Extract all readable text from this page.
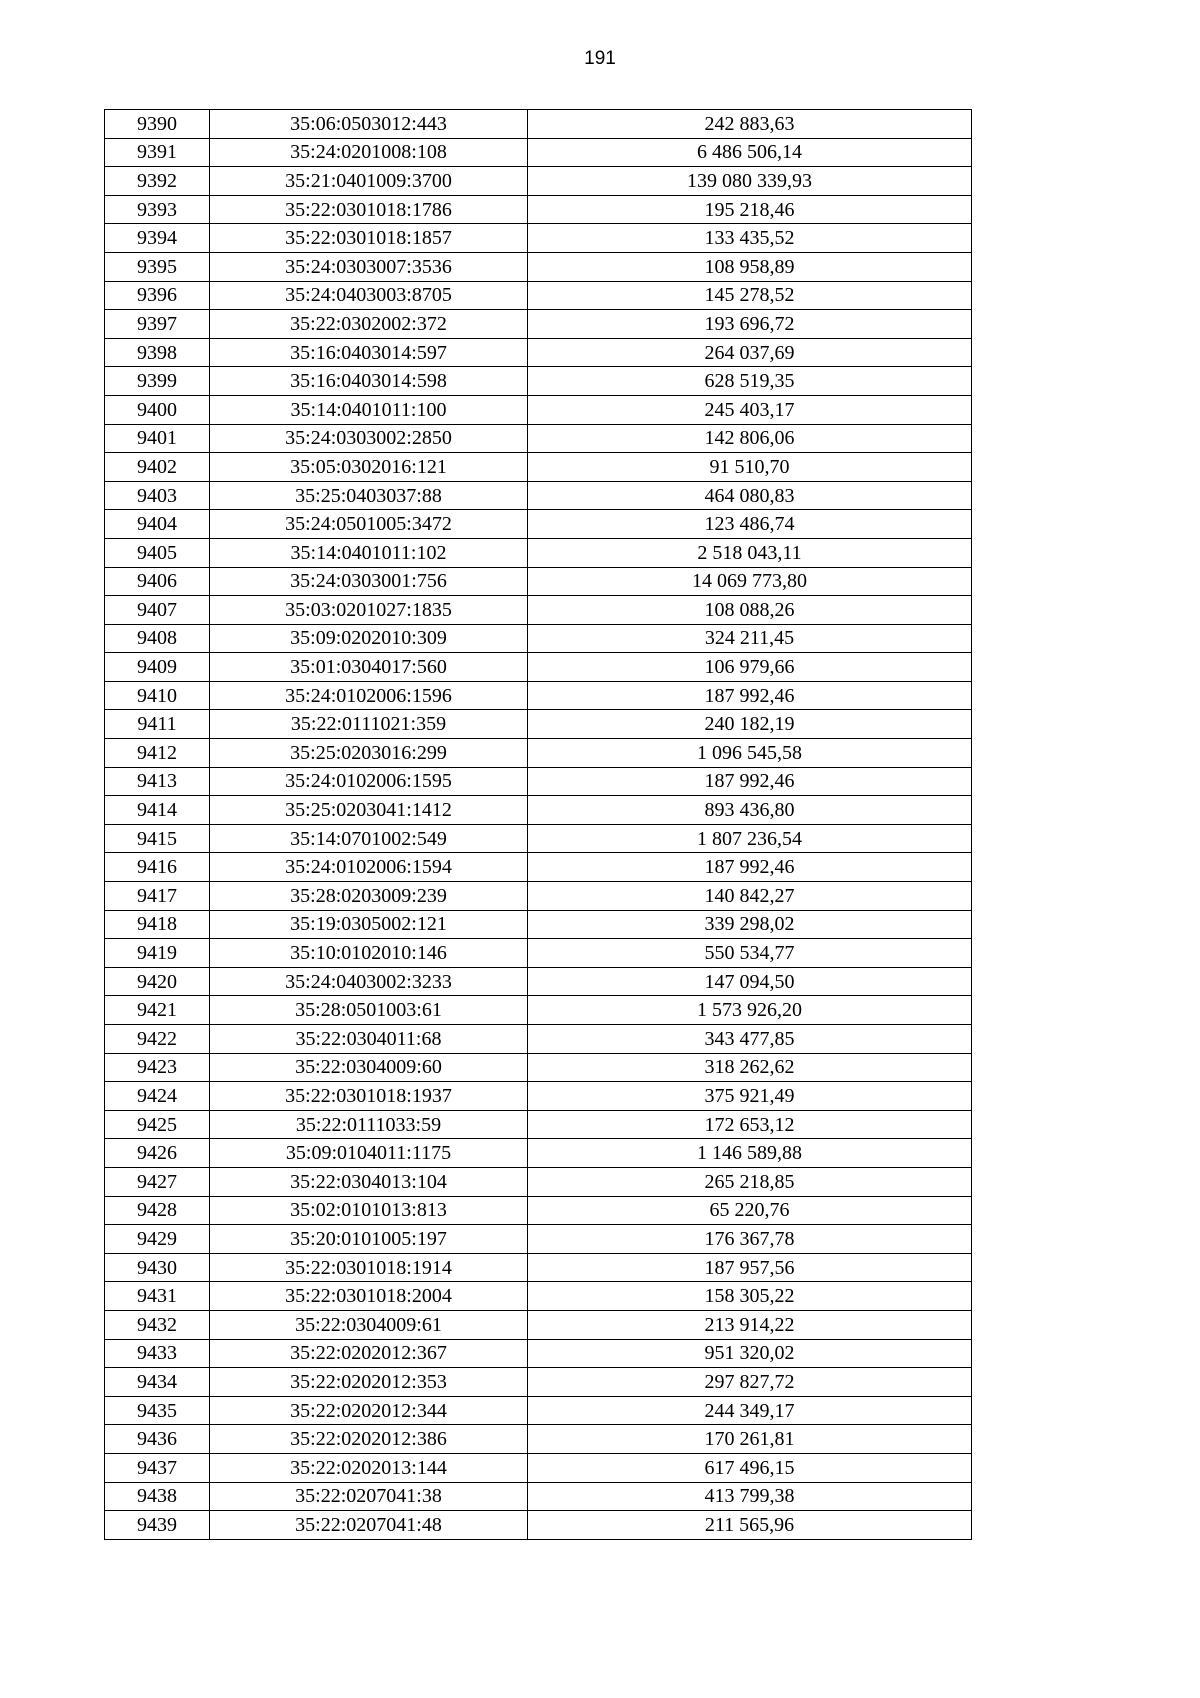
191
9390	35:06:0503012:443	242 883,63
9391	35:24:0201008:108	6 486 506,14
9392	35:21:0401009:3700	139 080 339,93
9393	35:22:0301018:1786	195 218,46
9394	35:22:0301018:1857	133 435,52
9395	35:24:0303007:3536	108 958,89
9396	35:24:0403003:8705	145 278,52
9397	35:22:0302002:372	193 696,72
9398	35:16:0403014:597	264 037,69
9399	35:16:0403014:598	628 519,35
9400	35:14:0401011:100	245 403,17
9401	35:24:0303002:2850	142 806,06
9402	35:05:0302016:121	91 510,70
9403	35:25:0403037:88	464 080,83
9404	35:24:0501005:3472	123 486,74
9405	35:14:0401011:102	2 518 043,11
9406	35:24:0303001:756	14 069 773,80
9407	35:03:0201027:1835	108 088,26
9408	35:09:0202010:309	324 211,45
9409	35:01:0304017:560	106 979,66
9410	35:24:0102006:1596	187 992,46
9411	35:22:0111021:359	240 182,19
9412	35:25:0203016:299	1 096 545,58
9413	35:24:0102006:1595	187 992,46
9414	35:25:0203041:1412	893 436,80
9415	35:14:0701002:549	1 807 236,54
9416	35:24:0102006:1594	187 992,46
9417	35:28:0203009:239	140 842,27
9418	35:19:0305002:121	339 298,02
9419	35:10:0102010:146	550 534,77
9420	35:24:0403002:3233	147 094,50
9421	35:28:0501003:61	1 573 926,20
9422	35:22:0304011:68	343 477,85
9423	35:22:0304009:60	318 262,62
9424	35:22:0301018:1937	375 921,49
9425	35:22:0111033:59	172 653,12
9426	35:09:0104011:1175	1 146 589,88
9427	35:22:0304013:104	265 218,85
9428	35:02:0101013:813	65 220,76
9429	35:20:0101005:197	176 367,78
9430	35:22:0301018:1914	187 957,56
9431	35:22:0301018:2004	158 305,22
9432	35:22:0304009:61	213 914,22
9433	35:22:0202012:367	951 320,02
9434	35:22:0202012:353	297 827,72
9435	35:22:0202012:344	244 349,17
9436	35:22:0202012:386	170 261,81
9437	35:22:0202013:144	617 496,15
9438	35:22:0207041:38	413 799,38
9439	35:22:0207041:48	211 565,96
